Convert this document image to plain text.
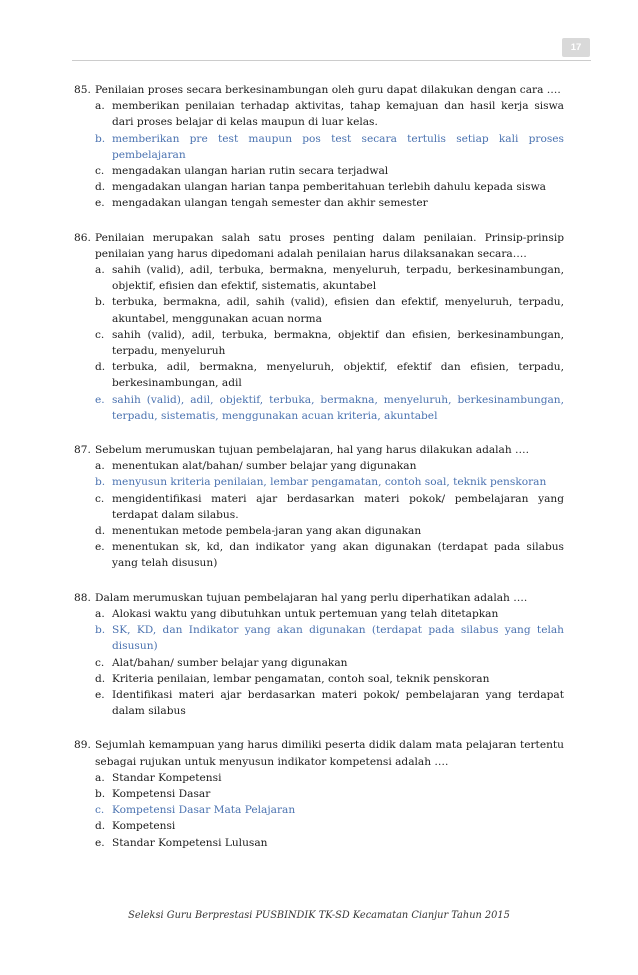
17
85. Penilaian proses secara berkesinambungan oleh guru dapat dilakukan dengan cara ….
a. memberikan penilaian terhadap aktivitas, tahap kemajuan dan hasil kerja siswa dari proses belajar di kelas maupun di luar kelas.
b. memberikan pre test maupun pos test secara tertulis setiap kali proses pembelajaran
c. mengadakan ulangan harian rutin secara terjadwal
d. mengadakan ulangan harian tanpa pemberitahuan terlebih dahulu kepada siswa
e. mengadakan ulangan tengah semester dan akhir semester
86. Penilaian merupakan salah satu proses penting dalam penilaian. Prinsip-prinsip penilaian yang harus dipedomani adalah penilaian harus dilaksanakan secara….
a. sahih (valid), adil, terbuka, bermakna, menyeluruh, terpadu, berkesinambungan, objektif, efisien dan efektif, sistematis, akuntabel
b. terbuka, bermakna, adil, sahih (valid), efisien dan efektif, menyeluruh, terpadu, akuntabel, menggunakan acuan norma
c. sahih (valid), adil, terbuka, bermakna, objektif dan efisien, berkesinambungan, terpadu, menyeluruh
d. terbuka, adil, bermakna, menyeluruh, objektif, efektif dan efisien, terpadu, berkesinambungan, adil
e. sahih (valid), adil, objektif, terbuka, bermakna, menyeluruh, berkesinambungan, terpadu, sistematis, menggunakan acuan kriteria, akuntabel
87. Sebelum merumuskan tujuan pembelajaran, hal yang harus dilakukan adalah ….
a. menentukan alat/bahan/ sumber belajar yang digunakan
b. menyusun kriteria penilaian, lembar pengamatan, contoh soal, teknik penskoran
c. mengidentifikasi materi ajar berdasarkan materi pokok/ pembelajaran yang terdapat dalam silabus.
d. menentukan metode pembela-jaran yang akan digunakan
e. menentukan sk, kd, dan indikator yang akan digunakan (terdapat pada silabus yang telah disusun)
88. Dalam merumuskan tujuan pembelajaran hal yang perlu diperhatikan adalah ….
a. Alokasi waktu yang dibutuhkan untuk pertemuan yang telah ditetapkan
b. SK, KD, dan Indikator yang akan digunakan (terdapat pada silabus yang telah disusun)
c. Alat/bahan/ sumber belajar yang digunakan
d. Kriteria penilaian, lembar pengamatan, contoh soal, teknik penskoran
e. Identifikasi materi ajar berdasarkan materi pokok/ pembelajaran yang terdapat dalam silabus
89. Sejumlah kemampuan yang harus dimiliki peserta didik dalam mata pelajaran tertentu sebagai rujukan untuk menyusun indikator kompetensi adalah ….
a. Standar Kompetensi
b. Kompetensi Dasar
c. Kompetensi Dasar Mata Pelajaran
d. Kompetensi
e. Standar Kompetensi Lulusan
Seleksi Guru Berprestasi PUSBINDIK TK-SD Kecamatan Cianjur Tahun 2015
